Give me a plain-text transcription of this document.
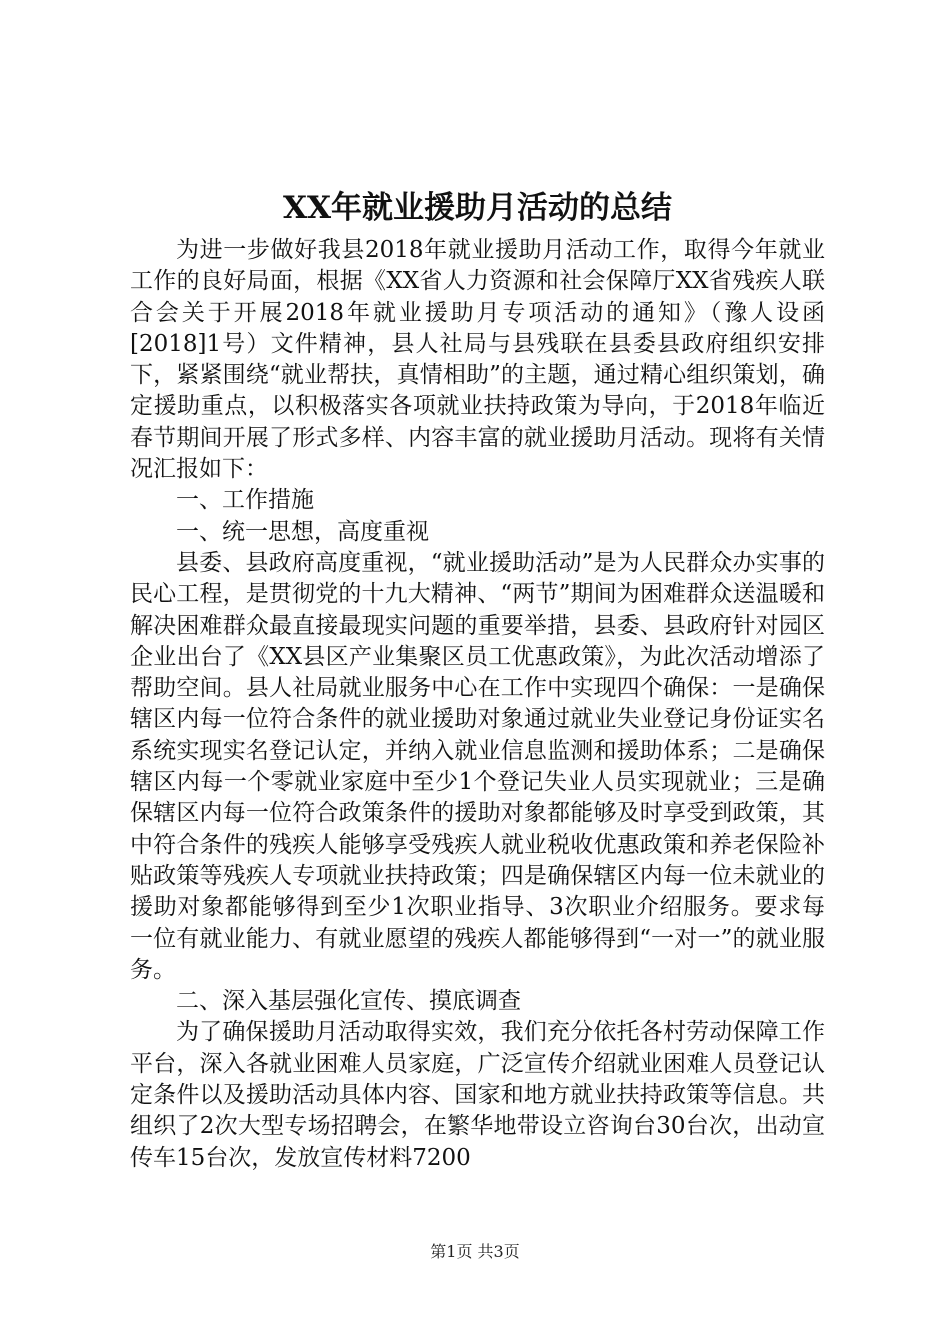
XX年就业援助月活动的总结

为进一步做好我县2018年就业援助月活动工作，取得今年就业工作的良好局面，根据《XX省人力资源和社会保障厅XX省残疾人联合会关于开展2018年就业援助月专项活动的通知》（豫人设函[2018]1号）文件精神，县人社局与县残联在县委县政府组织安排下，紧紧围绕“就业帮扶，真情相助”的主题，通过精心组织策划，确定援助重点，以积极落实各项就业扶持政策为导向，于2018年临近春节期间开展了形式多样、内容丰富的就业援助月活动。现将有关情况汇报如下：

一、工作措施

一、统一思想，高度重视

县委、县政府高度重视，“就业援助活动”是为人民群众办实事的民心工程，是贯彻党的十九大精神、“两节”期间为困难群众送温暖和解决困难群众最直接最现实问题的重要举措，县委、县政府针对园区企业出台了《XX县区产业集聚区员工优惠政策》，为此次活动增添了帮助空间。县人社局就业服务中心在工作中实现四个确保：一是确保辖区内每一位符合条件的就业援助对象通过就业失业登记身份证实名系统实现实名登记认定，并纳入就业信息监测和援助体系；二是确保辖区内每一个零就业家庭中至少1个登记失业人员实现就业；三是确保辖区内每一位符合政策条件的援助对象都能够及时享受到政策，其中符合条件的残疾人能够享受残疾人就业税收优惠政策和养老保险补贴政策等残疾人专项就业扶持政策；四是确保辖区内每一位未就业的援助对象都能够得到至少1次职业指导、3次职业介绍服务。要求每一位有就业能力、有就业愿望的残疾人都能够得到“一对一”的就业服务。

二、深入基层强化宣传、摸底调查

为了确保援助月活动取得实效，我们充分依托各村劳动保障工作平台，深入各就业困难人员家庭，广泛宣传介绍就业困难人员登记认定条件以及援助活动具体内容、国家和地方就业扶持政策等信息。共组织了2次大型专场招聘会，在繁华地带设立咨询台30台次，出动宣传车15台次，发放宣传材料7200

第1页 共3页
